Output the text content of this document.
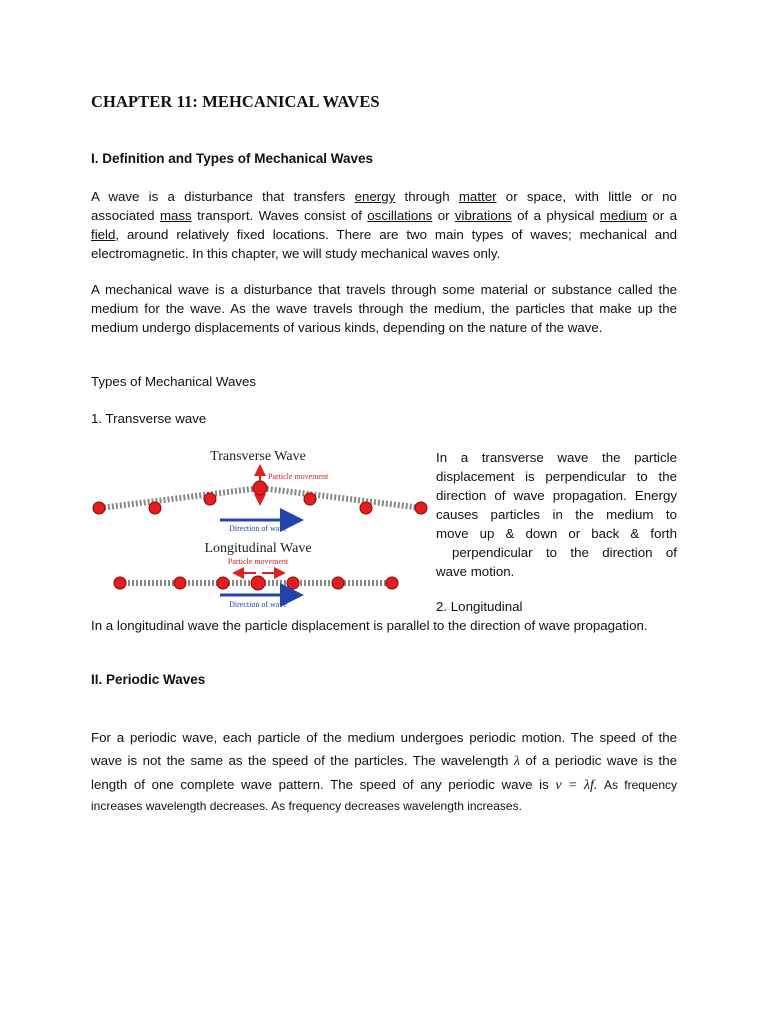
CHAPTER 11: MEHCANICAL WAVES
I. Definition and Types of Mechanical Waves

A wave is a disturbance that transfers energy through matter or space, with little or no
associated mass transport. Waves consist of oscillations or vibrations of a physical medium or a
field, around relatively fixed locations. There are two main types of waves; mechanical and
electromagnetic. In this chapter, we will study mechanical waves only.

A mechanical wave is a disturbance that travels through some material or substance called the
medium for the wave. As the wave travels through the medium, the particles that make up the
medium undergo displacements of various kinds, depending on the nature of the wave.

Types of Mechanical Waves

1. Transverse wave

Transverse Wave
Particle movement
Direction of wave
Longitudinal Wave
Particle movement
Direction of wave
In a transverse wave the particle
displacement is perpendicular to the
direction of wave propagation. Energy
causes particles in the medium to
move up & down or back & forth
perpendicular to the direction of
wave motion.

2. Longitudinal

In a longitudinal wave the particle displacement is parallel to the direction of wave propagation.

II. Periodic Waves

For a periodic wave, each particle of the medium undergoes periodic motion. The speed of the
wave is not the same as the speed of the particles. The wavelength λ of a periodic wave is the
length of one complete wave pattern. The speed of any periodic wave is v = λf. As frequency
increases wavelength decreases. As frequency decreases wavelength increases.
